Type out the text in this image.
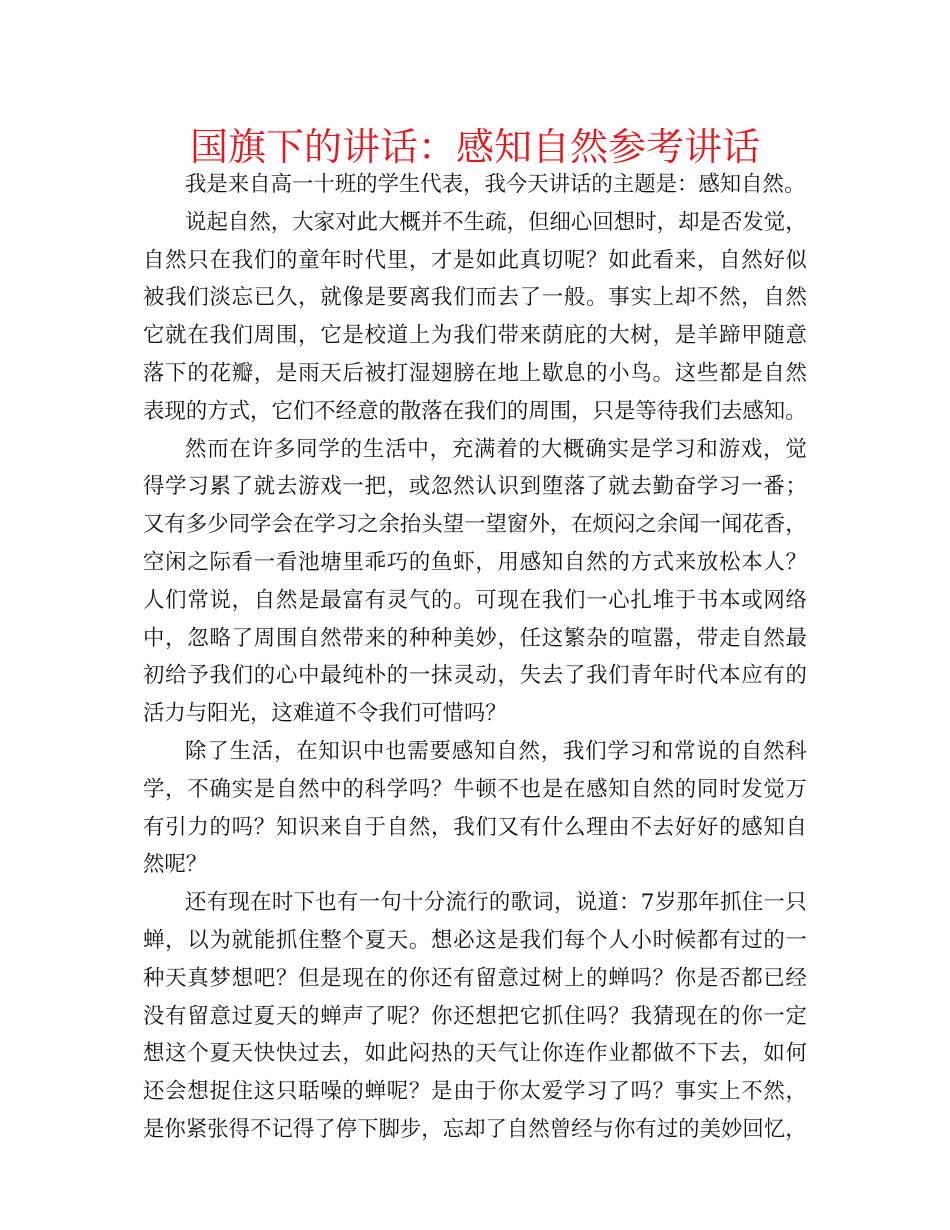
国旗下的讲话：感知自然参考讲话
我是来自高一十班的学生代表，我今天讲话的主题是：感知自然。
说 起 自 然 ， 大 家 对 此 大 概 并 不 生 疏 ， 但 细 心 回 想 时 ， 却 是 否 发 觉 ，
自 然 只 在 我 们 的 童 年 时 代 里 ， 才 是 如 此 真 切 呢 ？ 如 此 看 来 ， 自 然 好 似
被 我 们 淡 忘 已 久 ， 就 像 是 要 离 我 们 而 去 了 一 般 。 事 实 上 却 不 然 ， 自 然
它 就 在 我 们 周 围 ， 它 是 校 道 上 为 我 们 带 来 荫 庇 的 大 树 ， 是 羊 蹄 甲 随 意
落 下 的 花 瓣 ， 是 雨 天 后 被 打 湿 翅 膀 在 地 上 歇 息 的 小 鸟 。 这 些 都 是 自 然
表 现 的 方 式 ， 它 们 不 经 意 的 散 落 在 我 们 的 周 围 ， 只 是 等 待 我 们 去 感 知 。
然 而 在 许 多 同 学 的 生 活 中 ， 充 满 着 的 大 概 确 实 是 学 习 和 游 戏 ， 觉
得 学 习 累 了 就 去 游 戏 一 把 ， 或 忽 然 认 识 到 堕 落 了 就 去 勤 奋 学 习 一 番 ；
又 有 多 少 同 学 会 在 学 习 之 余 抬 头 望 一 望 窗 外 ， 在 烦 闷 之 余 闻 一 闻 花 香 ，
空 闲 之 际 看 一 看 池 塘 里 乖 巧 的 鱼 虾 ， 用 感 知 自 然 的 方 式 来 放 松 本 人 ？
人 们 常 说 ， 自 然 是 最 富 有 灵 气 的 。 可 现 在 我 们 一 心 扎 堆 于 书 本 或 网 络
中 ， 忽 略 了 周 围 自 然 带 来 的 种 种 美 妙 ， 任 这 繁 杂 的 喧 嚣 ， 带 走 自 然 最
初 给 予 我 们 的 心 中 最 纯 朴 的 一 抹 灵 动 ， 失 去 了 我 们 青 年 时 代 本 应 有 的
活力与阳光，这难道不令我们可惜吗？
除 了 生 活 ， 在 知 识 中 也 需 要 感 知 自 然 ， 我 们 学 习 和 常 说 的 自 然 科
学 ， 不 确 实 是 自 然 中 的 科 学 吗 ？ 牛 顿 不 也 是 在 感 知 自 然 的 同 时 发 觉 万
有 引 力 的 吗 ？ 知 识 来 自 于 自 然 ， 我 们 又 有 什 么 理 由 不 去 好 好 的 感 知 自
然呢？
还 有 现 在 时 下 也 有 一 句 十 分 流 行 的 歌 词 ， 说 道 ： 7 岁 那 年 抓 住 一 只
蝉 ， 以 为 就 能 抓 住 整 个 夏 天 。 想 必 这 是 我 们 每 个 人 小 时 候 都 有 过 的 一
种 天 真 梦 想 吧 ？ 但 是 现 在 的 你 还 有 留 意 过 树 上 的 蝉 吗 ？ 你 是 否 都 已 经
没 有 留 意 过 夏 天 的 蝉 声 了 呢 ？ 你 还 想 把 它 抓 住 吗 ？ 我 猜 现 在 的 你 一 定
想 这 个 夏 天 快 快 过 去 ， 如 此 闷 热 的 天 气 让 你 连 作 业 都 做 不 下 去 ， 如 何
还 会 想 捉 住 这 只 聒 噪 的 蝉 呢 ？ 是 由 于 你 太 爱 学 习 了 吗 ？ 事 实 上 不 然 ，
是 你 紧 张 得 不 记 得 了 停 下 脚 步 ， 忘 却 了 自 然 曾 经 与 你 有 过 的 美 妙 回 忆 ，
